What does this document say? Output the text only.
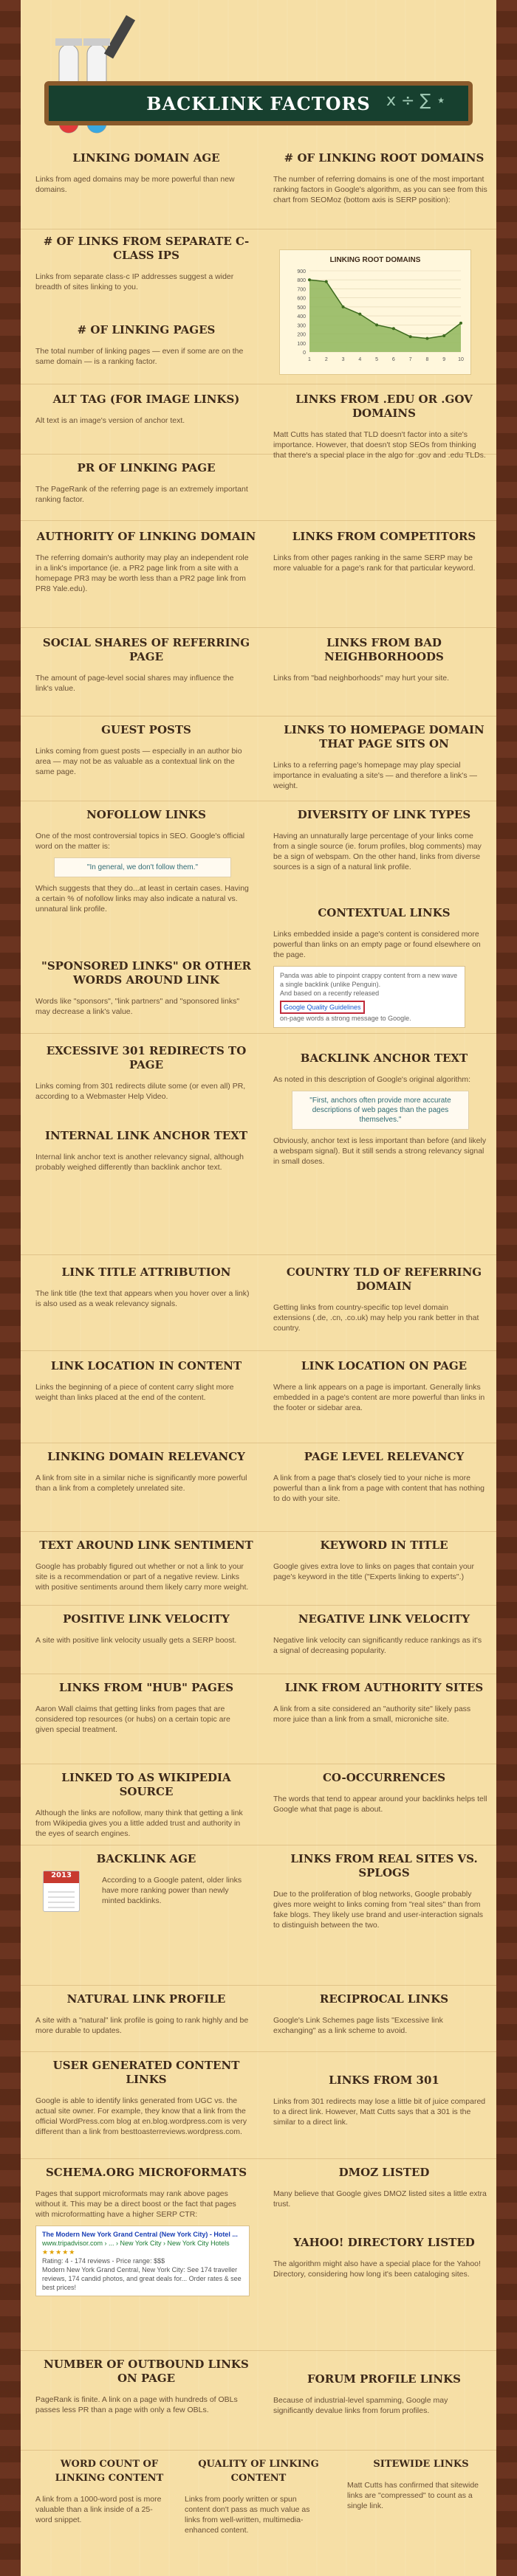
BACKLINK FACTORS x ÷ ∑ ⋆
LINKING DOMAIN AGE
Links from aged domains may be more powerful than new domains.
# OF LINKING ROOT DOMAINS
The number of referring domains is one of the most important ranking factors in Google's algorithm, as you can see from this chart from SEOMoz (bottom axis is SERP position):
# OF LINKS FROM SEPARATE C-CLASS IPS
Links from separate class-c IP addresses suggest a wider breadth of sites linking to you.
# OF LINKING PAGES
The total number of linking pages — even if some are on the same domain — is a ranking factor.
ALT TAG (FOR IMAGE LINKS)
Alt text is an image's version of anchor text.
LINKS FROM .EDU OR .GOV DOMAINS
Matt Cutts has stated that TLD doesn't factor into a site's importance. However, that doesn't stop SEOs from thinking that there's a special place in the algo for .gov and .edu TLDs.
PR OF LINKING PAGE
The PageRank of the referring page is an extremely important ranking factor.
AUTHORITY OF LINKING DOMAIN
The referring domain's authority may play an independent role in a link's importance (ie. a PR2 page link from a site with a homepage PR3 may be worth less than a PR2 page link from PR8 Yale.edu).
LINKS FROM COMPETITORS
Links from other pages ranking in the same SERP may be more valuable for a page's rank for that particular keyword.
SOCIAL SHARES OF REFERRING PAGE
The amount of page-level social shares may influence the link's value.
LINKS FROM BAD NEIGHBORHOODS
Links from "bad neighborhoods" may hurt your site.
GUEST POSTS
Links coming from guest posts — especially in an author bio area — may not be as valuable as a contextual link on the same page.
LINKS TO HOMEPAGE DOMAIN THAT PAGE SITS ON
Links to a referring page's homepage may play special importance in evaluating a site's — and therefore a link's — weight.
NOFOLLOW LINKS
One of the most controversial topics in SEO. Google's official word on the matter is:
"In general, we don't follow them."
Which suggests that they do...at least in certain cases. Having a certain % of nofollow links may also indicate a natural vs. unnatural link profile.
DIVERSITY OF LINK TYPES
Having an unnaturally large percentage of your links come from a single source (ie. forum profiles, blog comments) may be a sign of webspam. On the other hand, links from diverse sources is a sign of a natural link profile.
CONTEXTUAL LINKS
Links embedded inside a page's content is considered more powerful than links on an empty page or found elsewhere on the page.
Panda was able to pinpoint crappy content from a new wave a single backlink (unlike Penguin).
And based on a recently released
Google Quality Guidelines
on-page words a strong message to Google.
"SPONSORED LINKS" OR OTHER WORDS AROUND LINK
Words like "sponsors", "link partners" and "sponsored links" may decrease a link's value.
EXCESSIVE 301 REDIRECTS TO PAGE
Links coming from 301 redirects dilute some (or even all) PR, according to a Webmaster Help Video.
BACKLINK ANCHOR TEXT
As noted in this description of Google's original algorithm:
"First, anchors often provide more accurate descriptions of web pages than the pages themselves."
Obviously, anchor text is less important than before (and likely a webspam signal). But it still sends a strong relevancy signal in small doses.
INTERNAL LINK ANCHOR TEXT
Internal link anchor text is another relevancy signal, although probably weighed differently than backlink anchor text.
LINK TITLE ATTRIBUTION
The link title (the text that appears when you hover over a link) is also used as a weak relevancy signals.
COUNTRY TLD OF REFERRING DOMAIN
Getting links from country-specific top level domain extensions (.de, .cn, .co.uk) may help you rank better in that country.
LINK LOCATION IN CONTENT
Links the beginning of a piece of content carry slight more weight than links placed at the end of the content.
LINK LOCATION ON PAGE
Where a link appears on a page is important. Generally links embedded in a page's content are more powerful than links in the footer or sidebar area.
LINKING DOMAIN RELEVANCY
A link from site in a similar niche is significantly more powerful than a link from a completely unrelated site.
PAGE LEVEL RELEVANCY
A link from a page that's closely tied to your niche is more powerful than a link from a page with content that has nothing to do with your site.
TEXT AROUND LINK SENTIMENT
Google has probably figured out whether or not a link to your site is a recommendation or part of a negative review. Links with positive sentiments around them likely carry more weight.
KEYWORD IN TITLE
Google gives extra love to links on pages that contain your page's keyword in the title ("Experts linking to experts".)
POSITIVE LINK VELOCITY
A site with positive link velocity usually gets a SERP boost.
NEGATIVE LINK VELOCITY
Negative link velocity can significantly reduce rankings as it's a signal of decreasing popularity.
LINKS FROM "HUB" PAGES
Aaron Wall claims that getting links from pages that are considered top resources (or hubs) on a certain topic are given special treatment.
LINK FROM AUTHORITY SITES
A link from a site considered an "authority site" likely pass more juice than a link from a small, microniche site.
LINKED TO AS WIKIPEDIA SOURCE
Although the links are nofollow, many think that getting a link from Wikipedia gives you a little added trust and authority in the eyes of search engines.
CO-OCCURRENCES
The words that tend to appear around your backlinks helps tell Google what that page is about.
BACKLINK AGE
According to a Google patent, older links have more ranking power than newly minted backlinks.
2013
LINKS FROM REAL SITES VS. SPLOGS
Due to the proliferation of blog networks, Google probably gives more weight to links coming from "real sites" than from fake blogs. They likely use brand and user-interaction signals to distinguish between the two.
NATURAL LINK PROFILE
A site with a "natural" link profile is going to rank highly and be more durable to updates.
RECIPROCAL LINKS
Google's Link Schemes page lists "Excessive link exchanging" as a link scheme to avoid.
USER GENERATED CONTENT LINKS
Google is able to identify links generated from UGC vs. the actual site owner. For example, they know that a link from the official WordPress.com blog at en.blog.wordpress.com is very different than a link from besttoasterreviews.wordpress.com.
LINKS FROM 301
Links from 301 redirects may lose a little bit of juice compared to a direct link. However, Matt Cutts says that a 301 is the similar to a direct link.
SCHEMA.ORG MICROFORMATS
Pages that support microformats may rank above pages without it. This may be a direct boost or the fact that pages with microformatting have a higher SERP CTR:
The Modern New York Grand Central (New York City) - Hotel ...
www.tripadvisor.com › ... › New York City › New York City Hotels
★★★★★
Rating: 4 - 174 reviews - Price range: $$$
Modern New York Grand Central, New York City: See 174 traveller reviews, 174 candid photos, and great deals for... Order rates & see best prices!
DMOZ LISTED
Many believe that Google gives DMOZ listed sites a little extra trust.
YAHOO! DIRECTORY LISTED
The algorithm might also have a special place for the Yahoo! Directory, considering how long it's been cataloging sites.
NUMBER OF OUTBOUND LINKS ON PAGE
PageRank is finite. A link on a page with hundreds of OBLs passes less PR than a page with only a few OBLs.
FORUM PROFILE LINKS
Because of industrial-level spamming, Google may significantly devalue links from forum profiles.
WORD COUNT OF LINKING CONTENT
A link from a 1000-word post is more valuable than a link inside of a 25-word snippet.
QUALITY OF LINKING CONTENT
Links from poorly written or spun content don't pass as much value as links from well-written, multimedia-enhanced content.
SITEWIDE LINKS
Matt Cutts has confirmed that sitewide links are "compressed" to count as a single link.
LINKING ROOT DOMAINS
0
100
200
300
400
500
600
700
800
900
1	2	3	4	5	6	7	8	9 10
